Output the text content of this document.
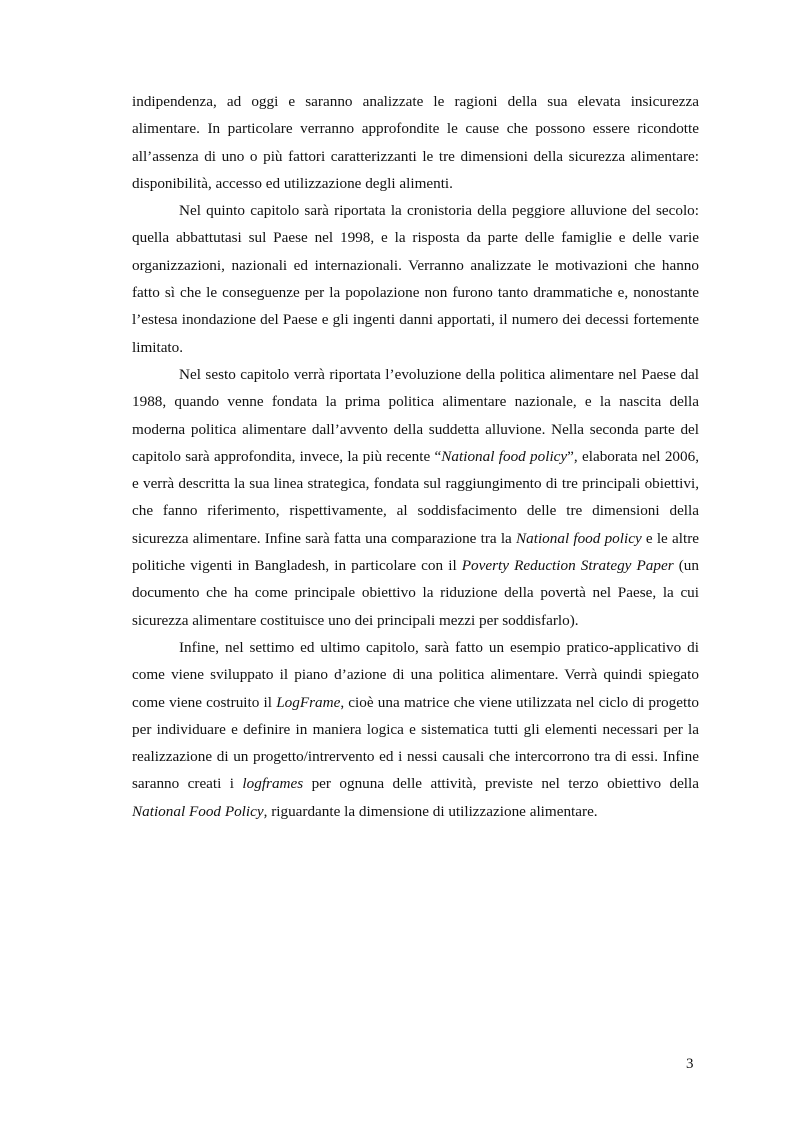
indipendenza, ad oggi e saranno analizzate le ragioni della sua elevata insicurezza alimentare. In particolare verranno approfondite le cause che possono essere ricondotte all’assenza di uno o più fattori caratterizzanti le tre dimensioni della sicurezza alimentare: disponibilità, accesso ed utilizzazione degli alimenti.

Nel quinto capitolo sarà riportata la cronistoria della peggiore alluvione del secolo: quella abbattutasi sul Paese nel 1998, e la risposta da parte delle famiglie e delle varie organizzazioni, nazionali ed internazionali. Verranno analizzate le motivazioni che hanno fatto sì che le conseguenze per la popolazione non furono tanto drammatiche e, nonostante l’estesa inondazione del Paese e gli ingenti danni apportati, il numero dei decessi fortemente limitato.

Nel sesto capitolo verrà riportata l’evoluzione della politica alimentare nel Paese dal 1988, quando venne fondata la prima politica alimentare nazionale, e la nascita della moderna politica alimentare dall’avvento della suddetta alluvione. Nella seconda parte del capitolo sarà approfondita, invece, la più recente “National food policy”, elaborata nel 2006, e verrà descritta la sua linea strategica, fondata sul raggiungimento di tre principali obiettivi, che fanno riferimento, rispettivamente, al soddisfacimento delle tre dimensioni della sicurezza alimentare. Infine sarà fatta una comparazione tra la National food policy e le altre politiche vigenti in Bangladesh, in particolare con il Poverty Reduction Strategy Paper (un documento che ha come principale obiettivo la riduzione della povertà nel Paese, la cui sicurezza alimentare costituisce uno dei principali mezzi per soddisfarlo).

Infine, nel settimo ed ultimo capitolo, sarà fatto un esempio pratico-applicativo di come viene sviluppato il piano d’azione di una politica alimentare. Verrà quindi spiegato come viene costruito il LogFrame, cioè una matrice che viene utilizzata nel ciclo di progetto per individuare e definire in maniera logica e sistematica tutti gli elementi necessari per la realizzazione di un progetto/intrervento ed i nessi causali che intercorrono tra di essi. Infine saranno creati i logframes per ognuna delle attività, previste nel terzo obiettivo della National Food Policy, riguardante la dimensione di utilizzazione alimentare.

3
